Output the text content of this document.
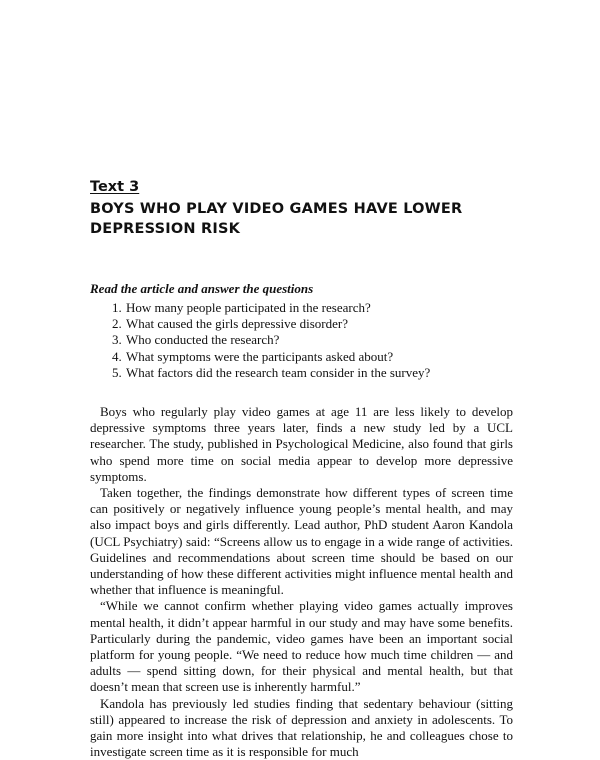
Text 3
BOYS WHO PLAY VIDEO GAMES HAVE LOWER DEPRESSION RISK
Read the article and answer the questions
1. How many people participated in the research?
2. What caused the girls depressive disorder?
3. Who conducted the research?
4. What symptoms were the participants asked about?
5. What factors did the research team consider in the survey?

Boys who regularly play video games at age 11 are less likely to develop depressive symptoms three years later, finds a new study led by a UCL researcher. The study, published in Psychological Medicine, also found that girls who spend more time on social media appear to develop more depressive symptoms.

Taken together, the findings demonstrate how different types of screen time can positively or negatively influence young people’s mental health, and may also impact boys and girls differently. Lead author, PhD student Aaron Kandola (UCL Psychiatry) said: “Screens allow us to engage in a wide range of activities. Guidelines and recommendations about screen time should be based on our understanding of how these different activities might influence mental health and whether that influence is meaningful.

“While we cannot confirm whether playing video games actually improves mental health, it didn’t appear harmful in our study and may have some benefits. Particularly during the pandemic, video games have been an important social platform for young people. “We need to reduce how much time children — and adults — spend sitting down, for their physical and mental health, but that doesn’t mean that screen use is inherently harmful.”

Kandola has previously led studies finding that sedentary behaviour (sitting still) appeared to increase the risk of depression and anxiety in adolescents. To gain more insight into what drives that relationship, he and colleagues chose to investigate screen time as it is responsible for much
